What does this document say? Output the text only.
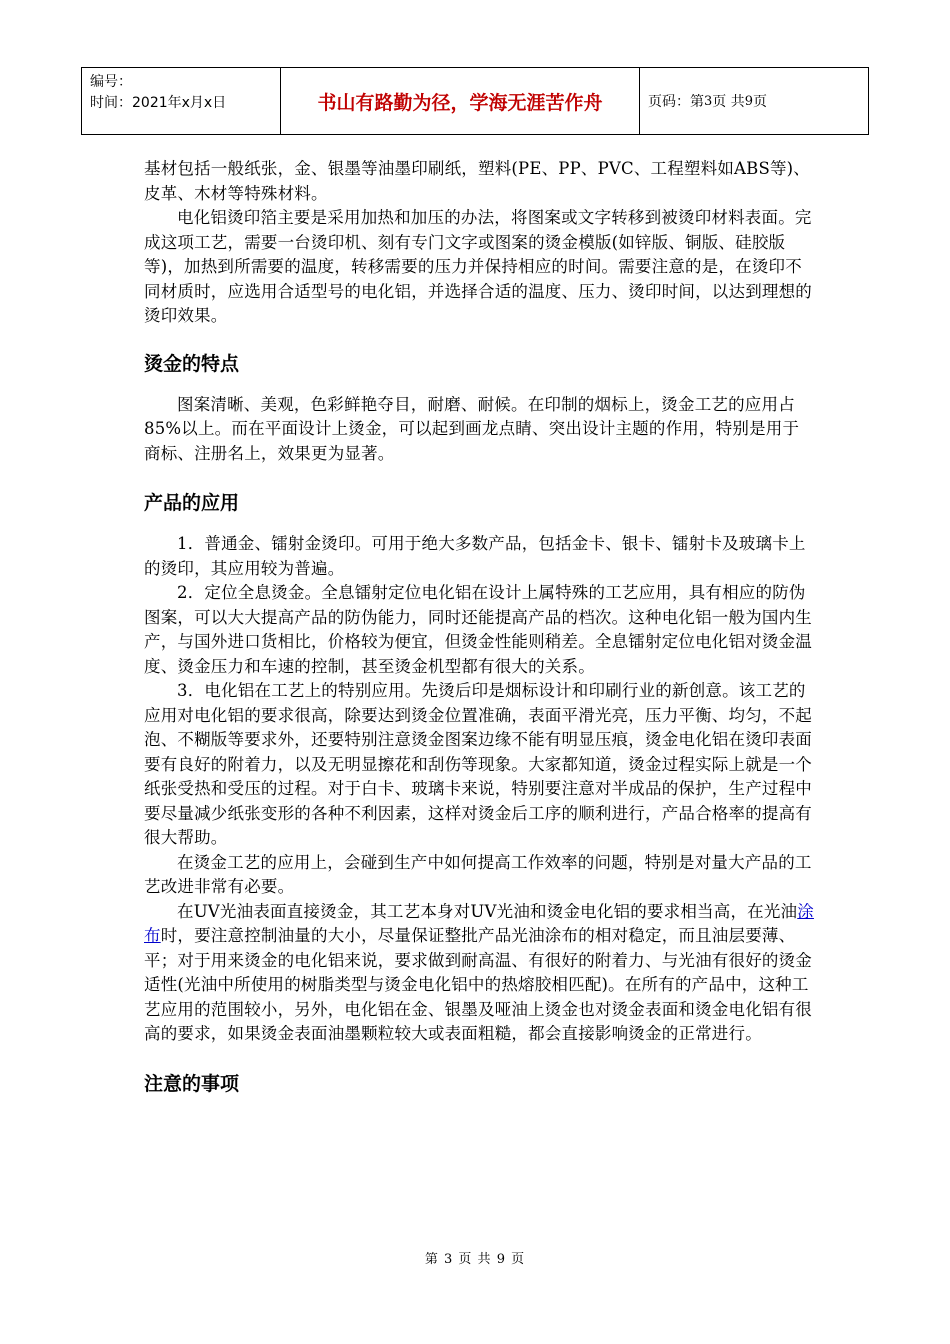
编号：
时间：2021年x月x日	书山有路勤为径，学海无涯苦作舟	页码：第 3 页 共 9 页

基材包括一般纸张，金、银墨等油墨印刷纸，塑料(PE、PP、PVC、工程塑料如ABS等)、皮革、木材等特殊材料。

电化铝烫印箔主要是采用加热和加压的办法，将图案或文字转移到被烫印材料表面。完成这项工艺，需要一台烫印机、刻有专门文字或图案的烫金模版(如锌版、铜版、硅胶版等)，加热到所需要的温度，转移需要的压力并保持相应的时间。需要注意的是，在烫印不同材质时，应选用合适型号的电化铝，并选择合适的温度、压力、烫印时间，以达到理想的烫印效果。

烫金的特点

图案清晰、美观，色彩鲜艳夺目，耐磨、耐候。在印制的烟标上，烫金工艺的应用占85%以上。而在平面设计上烫金，可以起到画龙点睛、突出设计主题的作用，特别是用于商标、注册名上，效果更为显著。

产品的应用

1．普通金、镭射金烫印。可用于绝大多数产品，包括金卡、银卡、镭射卡及玻璃卡上的烫印，其应用较为普遍。

2．定位全息烫金。全息镭射定位电化铝在设计上属特殊的工艺应用，具有相应的防伪图案，可以大大提高产品的防伪能力，同时还能提高产品的档次。这种电化铝一般为国内生产，与国外进口货相比，价格较为便宜，但烫金性能则稍差。全息镭射定位电化铝对烫金温度、烫金压力和车速的控制，甚至烫金机型都有很大的关系。

3．电化铝在工艺上的特别应用。先烫后印是烟标设计和印刷行业的新创意。该工艺的应用对电化铝的要求很高，除要达到烫金位置准确，表面平滑光亮，压力平衡、均匀，不起泡、不糊版等要求外，还要特别注意烫金图案边缘不能有明显压痕，烫金电化铝在烫印表面要有良好的附着力，以及无明显擦花和刮伤等现象。大家都知道，烫金过程实际上就是一个纸张受热和受压的过程。对于白卡、玻璃卡来说，特别要注意对半成品的保护，生产过程中要尽量减少纸张变形的各种不利因素，这样对烫金后工序的顺利进行，产品合格率的提高有很大帮助。

在烫金工艺的应用上，会碰到生产中如何提高工作效率的问题，特别是对量大产品的工艺改进非常有必要。

在UV光油表面直接烫金，其工艺本身对UV光油和烫金电化铝的要求相当高，在光油涂布时，要注意控制油量的大小，尽量保证整批产品光油涂布的相对稳定，而且油层要薄、平；对于用来烫金的电化铝来说，要求做到耐高温、有很好的附着力、与光油有很好的烫金适性(光油中所使用的树脂类型与烫金电化铝中的热熔胶相匹配)。在所有的产品中，这种工艺应用的范围较小，另外，电化铝在金、银墨及哑油上烫金也对烫金表面和烫金电化铝有很高的要求，如果烫金表面油墨颗粒较大或表面粗糙，都会直接影响烫金的正常进行。

注意的事项
第 3 页 共 9 页
